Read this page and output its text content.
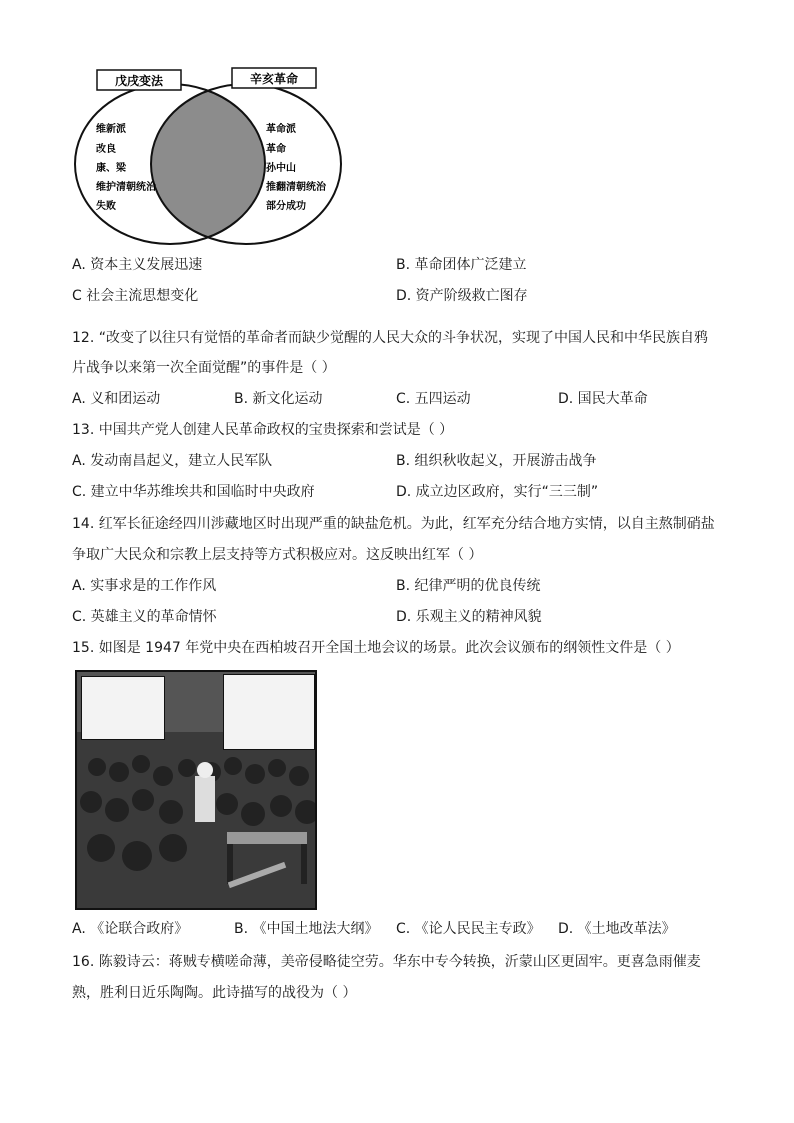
戊戌变法	辛亥革命
维新派
改良
康、梁
维护清朝统治
失败
革命派
革命
孙中山
推翻清朝统治
部分成功
A. 资本主义发展迅速	B. 革命团体广泛建立
C 社会主流思想变化	D. 资产阶级救亡图存
12. “改变了以往只有觉悟的革命者而缺少觉醒的人民大众的斗争状况，实现了中国人民和中华民族自鸦
片战争以来第一次全面觉醒”的事件是（ ）
A. 义和团运动	B. 新文化运动	C. 五四运动	D. 国民大革命
13. 中国共产党人创建人民革命政权的宝贵探索和尝试是（ ）
A. 发动南昌起义，建立人民军队	B. 组织秋收起义，开展游击战争
C. 建立中华苏维埃共和国临时中央政府	D. 成立边区政府，实行“三三制”
14. 红军长征途经四川涉藏地区时出现严重的缺盐危机。为此，红军充分结合地方实情，以自主熬制硝盐
争取广大民众和宗教上层支持等方式积极应对。这反映出红军（ ）
A. 实事求是的工作作风	B. 纪律严明的优良传统
C. 英雄主义的革命情怀	D. 乐观主义的精神风貌
15. 如图是 1947 年党中央在西柏坡召开全国土地会议的场景。此次会议颁布的纲领性文件是（ ）
A. 《论联合政府》	B. 《中国土地法大纲》 C. 《论人民民主专政》 D. 《土地改革法》
16. 陈毅诗云：蒋贼专横嗟命薄，美帝侵略徒空劳。华东中专今转换，沂蒙山区更固牢。更喜急雨催麦
熟，胜利日近乐陶陶。此诗描写的战役为（ ）
